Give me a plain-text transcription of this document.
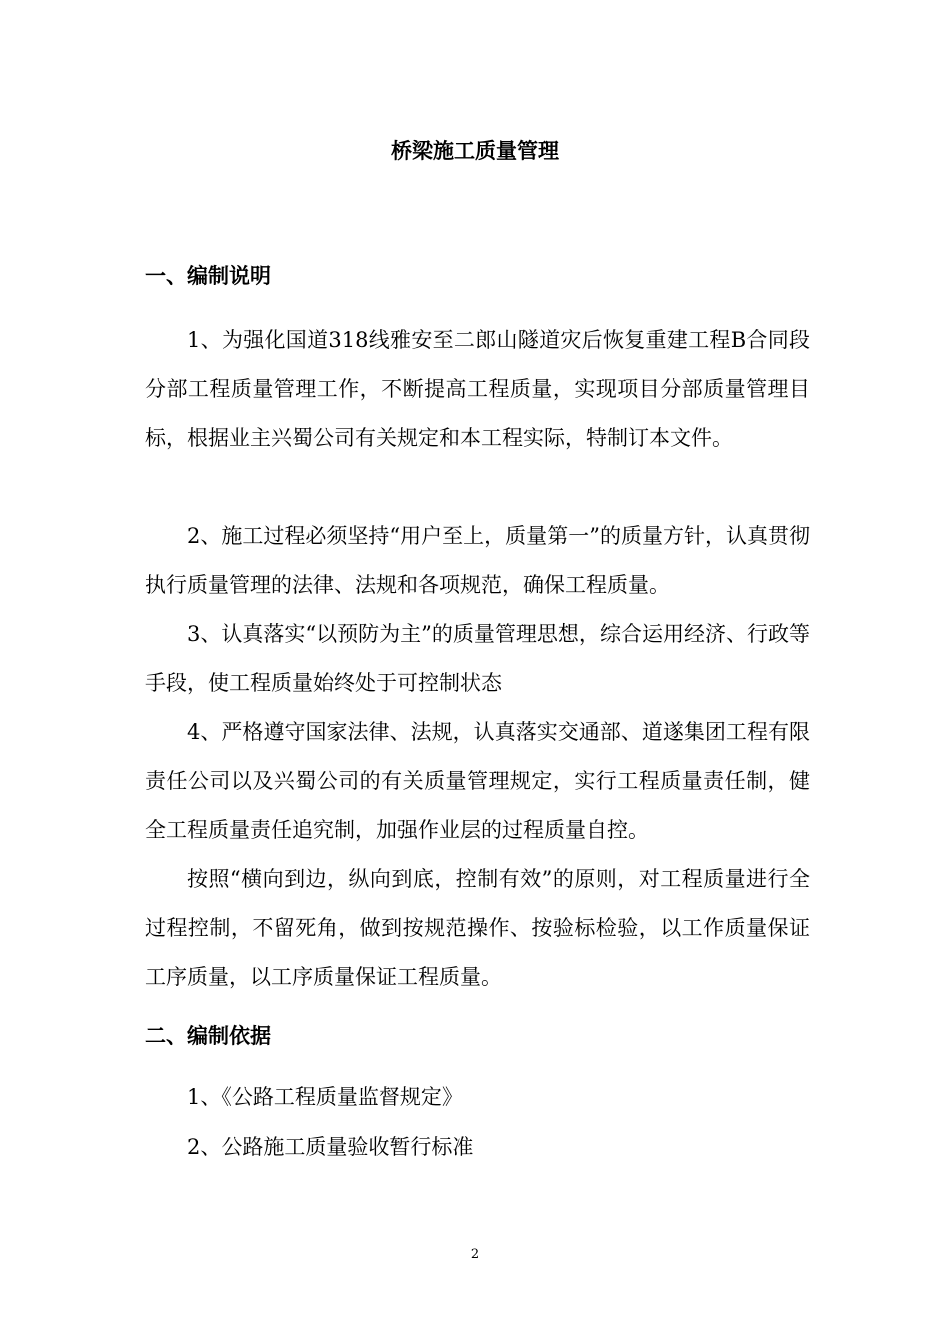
桥梁施工质量管理
一、编制说明

1、为强化国道318线雅安至二郎山隧道灾后恢复重建工程B合同段分部工程质量管理工作，不断提高工程质量，实现项目分部质量管理目标，根据业主兴蜀公司有关规定和本工程实际，特制订本文件。

2、施工过程必须坚持“用户至上，质量第一”的质量方针，认真贯彻执行质量管理的法律、法规和各项规范，确保工程质量。

3、认真落实“以预防为主”的质量管理思想，综合运用经济、行政等手段，使工程质量始终处于可控制状态

4、严格遵守国家法律、法规，认真落实交通部、道遂集团工程有限责任公司以及兴蜀公司的有关质量管理规定，实行工程质量责任制，健全工程质量责任追究制，加强作业层的过程质量自控。

按照“横向到边，纵向到底，控制有效”的原则，对工程质量进行全过程控制，不留死角，做到按规范操作、按验标检验，以工作质量保证工序质量，以工序质量保证工程质量。

二、编制依据

1、《公路工程质量监督规定》

2、公路施工质量验收暂行标准

2
